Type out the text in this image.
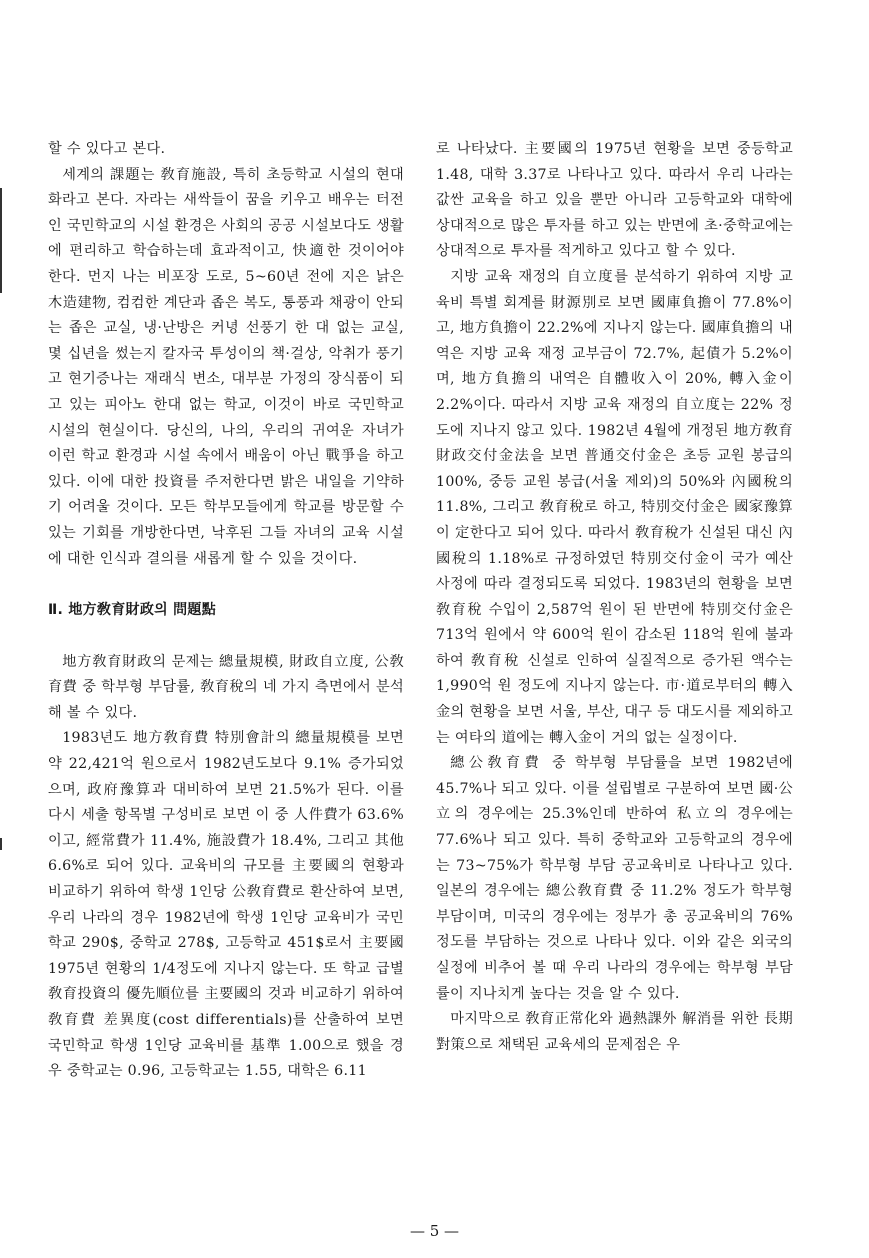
할 수 있다고 본다.

세계의 課題는 敎育施設, 특히 초등학교 시설의 현대화라고 본다. 자라는 새싹들이 꿈을 키우고 배우는 터전인 국민학교의 시설 환경은 사회의 공공 시설보다도 생활에 편리하고 학습하는데 효과적이고, 快適한 것이어야 한다. 먼지 나는 비포장 도로, 5~60년 전에 지은 낡은 木造建物, 컴컴한 계단과 좁은 복도, 통풍과 채광이 안되는 좁은 교실, 냉·난방은 커녕 선풍기 한 대 없는 교실, 몇 십년을 썼는지 칼자국 투성이의 책·걸상, 악취가 풍기고 현기증나는 재래식 변소, 대부분 가정의 장식품이 되고 있는 피아노 한대 없는 학교, 이것이 바로 국민학교 시설의 현실이다. 당신의, 나의, 우리의 귀여운 자녀가 이런 학교 환경과 시설 속에서 배움이 아닌 戰爭을 하고 있다. 이에 대한 投資를 주저한다면 밝은 내일을 기약하기 어려울 것이다. 모든 학부모들에게 학교를 방문할 수 있는 기회를 개방한다면, 낙후된 그들 자녀의 교육 시설에 대한 인식과 결의를 새롭게 할 수 있을 것이다.

Ⅱ. 地方敎育財政의 問題點

地方敎育財政의 문제는 總量規模, 財政自立度, 公敎育費 중 학부형 부담률, 敎育稅의 네 가지 측면에서 분석해 볼 수 있다.

1983년도 地方敎育費 特別會計의 總量規模를 보면 약 22,421억 원으로서 1982년도보다 9.1% 증가되었으며, 政府豫算과 대비하여 보면 21.5%가 된다. 이를 다시 세출 항목별 구성비로 보면 이 중 人件費가 63.6%이고, 經常費가 11.4%, 施設費가 18.4%, 그리고 其他 6.6%로 되어 있다. 교육비의 규모를 主要國의 현황과 비교하기 위하여 학생 1인당 公敎育費로 환산하여 보면, 우리 나라의 경우 1982년에 학생 1인당 교육비가 국민학교 290$, 중학교 278$, 고등학교 451$로서 主要國 1975년 현황의 1/4정도에 지나지 않는다. 또 학교 급별 敎育投資의 優先順位를 主要國의 것과 비교하기 위하여 敎育費 差異度(cost differentials)를 산출하여 보면 국민학교 학생 1인당 교육비를 基準 1.00으로 했을 경우 중학교는 0.96, 고등학교는 1.55, 대학은 6.11

로 나타났다. 主要國의 1975년 현황을 보면 중등학교 1.48, 대학 3.37로 나타나고 있다. 따라서 우리 나라는 값싼 교육을 하고 있을 뿐만 아니라 고등학교와 대학에 상대적으로 많은 투자를 하고 있는 반면에 초·중학교에는 상대적으로 투자를 적게하고 있다고 할 수 있다.

지방 교육 재정의 自立度를 분석하기 위하여 지방 교육비 특별 회계를 財源別로 보면 國庫負擔이 77.8%이고, 地方負擔이 22.2%에 지나지 않는다. 國庫負擔의 내역은 지방 교육 재정 교부금이 72.7%, 起債가 5.2%이며, 地方負擔의 내역은 自體收入이 20%, 轉入金이 2.2%이다. 따라서 지방 교육 재정의 自立度는 22% 정도에 지나지 않고 있다. 1982년 4월에 개정된 地方敎育財政交付金法을 보면 普通交付金은 초등 교원 봉급의 100%, 중등 교원 봉급(서울 제외)의 50%와 內國稅의 11.8%, 그리고 敎育稅로 하고, 特別交付金은 國家豫算이 定한다고 되어 있다. 따라서 敎育稅가 신설된 대신 內國稅의 1.18%로 규정하였던 特別交付金이 국가 예산 사정에 따라 결정되도록 되었다. 1983년의 현황을 보면 敎育稅 수입이 2,587억 원이 된 반면에 特別交付金은 713억 원에서 약 600억 원이 감소된 118억 원에 불과하여 敎育稅 신설로 인하여 실질적으로 증가된 액수는 1,990억 원 정도에 지나지 않는다. 市·道로부터의 轉入金의 현황을 보면 서울, 부산, 대구 등 대도시를 제외하고는 여타의 道에는 轉入金이 거의 없는 실정이다.

總公敎育費 중 학부형 부담률을 보면 1982년에 45.7%나 되고 있다. 이를 설립별로 구분하여 보면 國·公立의 경우에는 25.3%인데 반하여 私立의 경우에는 77.6%나 되고 있다. 특히 중학교와 고등학교의 경우에는 73~75%가 학부형 부담 공교육비로 나타나고 있다. 일본의 경우에는 總公敎育費 중 11.2% 정도가 학부형 부담이며, 미국의 경우에는 정부가 총 공교육비의 76% 정도를 부담하는 것으로 나타나 있다. 이와 같은 외국의 실정에 비추어 볼 때 우리 나라의 경우에는 학부형 부담률이 지나치게 높다는 것을 알 수 있다.

마지막으로 敎育正常化와 過熱課外 解消를 위한 長期對策으로 채택된 교육세의 문제점은 우

— 5 —
